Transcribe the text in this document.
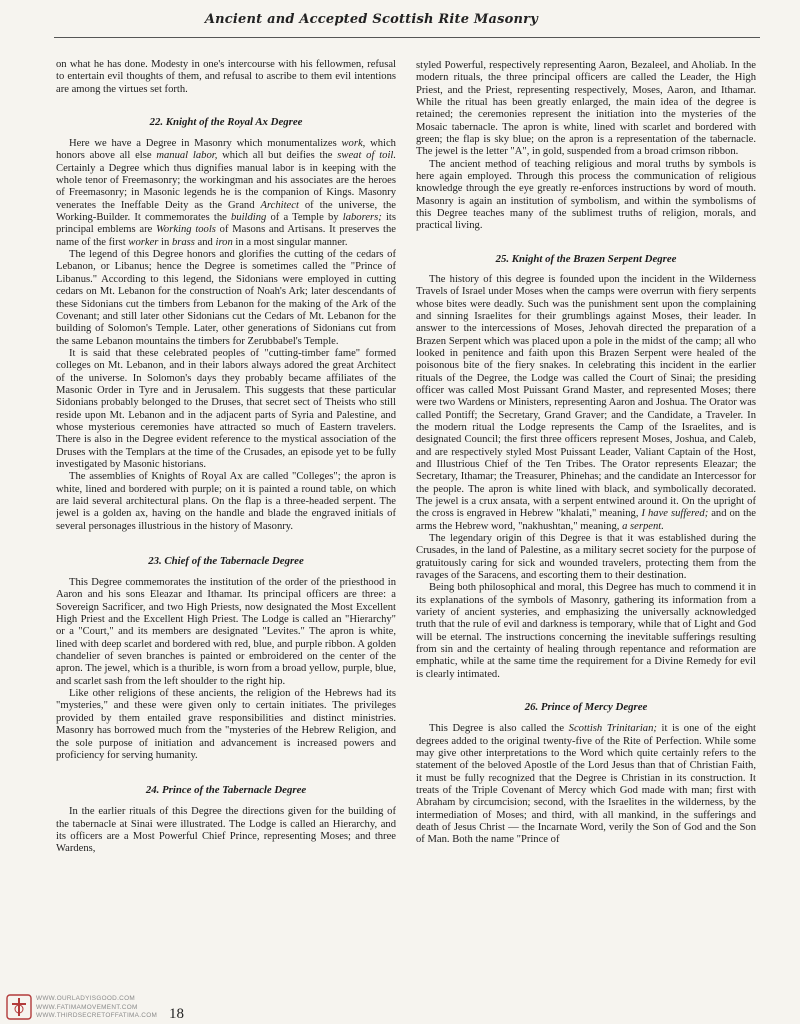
Ancient and Accepted Scottish Rite Masonry

on what he has done. Modesty in one's intercourse with his fellowmen, refusal to entertain evil thoughts of them, and refusal to ascribe to them evil intentions are among the virtues set forth.

22. Knight of the Royal Ax Degree

Here we have a Degree in Masonry which monumentalizes work, which honors above all else manual labor, which all but deifies the sweat of toil. Certainly a Degree which thus dignifies manual labor is in keeping with the whole tenor of Freemasonry; the workingman and his associates are the heroes of Freemasonry; in Masonic legends he is the companion of Kings. Masonry venerates the Ineffable Deity as the Grand Architect of the universe, the Working-Builder. It commemorates the building of a Temple by laborers; its principal emblems are Working tools of Masons and Artisans. It preserves the name of the first worker in brass and iron in a most singular manner.

The legend of this Degree honors and glorifies the cutting of the cedars of Lebanon, or Libanus; hence the Degree is sometimes called the "Prince of Libanus." According to this legend, the Sidonians were employed in cutting cedars on Mt. Lebanon for the construction of Noah's Ark; later descendants of these Sidonians cut the timbers from Lebanon for the making of the Ark of the Covenant; and still later other Sidonians cut the Cedars of Mt. Lebanon for the building of Solomon's Temple. Later, other generations of Sidonians cut from the same Lebanon mountains the timbers for Zerubbabel's Temple.

It is said that these celebrated peoples of "cutting-timber fame" formed colleges on Mt. Lebanon, and in their labors always adored the great Architect of the universe. In Solomon's days they probably became affiliates of the Masonic Order in Tyre and in Jerusalem. This suggests that these particular Sidonians probably belonged to the Druses, that secret sect of Theists who still reside upon Mt. Lebanon and in the adjacent parts of Syria and Palestine, and whose mysterious ceremonies have attracted so much of Eastern travelers. There is also in the Degree evident reference to the mystical association of the Druses with the Templars at the time of the Crusades, an episode yet to be fully investigated by Masonic historians.

The assemblies of Knights of Royal Ax are called "Colleges"; the apron is white, lined and bordered with purple; on it is painted a round table, on which are laid several architectural plans. On the flap is a three-headed serpent. The jewel is a golden ax, having on the handle and blade the engraved initials of several personages illustrious in the history of Masonry.

23. Chief of the Tabernacle Degree

This Degree commemorates the institution of the order of the priesthood in Aaron and his sons Eleazar and Ithamar. Its principal officers are three: a Sovereign Sacrificer, and two High Priests, now designated the Most Excellent High Priest and the Excellent High Priest. The Lodge is called an "Hierarchy" or a "Court," and its members are designated "Levites." The apron is white, lined with deep scarlet and bordered with red, blue, and purple ribbon. A golden chandelier of seven branches is painted or embroidered on the center of the apron. The jewel, which is a thurible, is worn from a broad yellow, purple, blue, and scarlet sash from the left shoulder to the right hip.

Like other religions of these ancients, the religion of the Hebrews had its "mysteries," and these were given only to certain initiates. The privileges provided by them entailed grave responsibilities and distinct ministries. Masonry has borrowed much from the "mysteries of the Hebrew Religion, and the sole purpose of initiation and advancement is increased powers and proficiency for serving humanity.

24. Prince of the Tabernacle Degree

In the earlier rituals of this Degree the directions given for the building of the tabernacle at Sinai were illustrated. The Lodge is called an Hierarchy, and its officers are a Most Powerful Chief Prince, representing Moses; and three Wardens,

styled Powerful, respectively representing Aaron, Bezaleel, and Aholiab. In the modern rituals, the three principal officers are called the Leader, the High Priest, and the Priest, representing respectively, Moses, Aaron, and Ithamar. While the ritual has been greatly enlarged, the main idea of the degree is retained; the ceremonies represent the initiation into the mysteries of the Mosaic tabernacle. The apron is white, lined with scarlet and bordered with green; the flap is sky blue; on the apron is a representation of the tabernacle. The jewel is the letter "A", in gold, suspended from a broad crimson ribbon.

The ancient method of teaching religious and moral truths by symbols is here again employed. Through this process the communication of religious knowledge through the eye greatly re-enforces instructions by word of mouth. Masonry is again an institution of symbolism, and within the symbolisms of this Degree teaches many of the sublimest truths of religion, morals, and practical living.

25. Knight of the Brazen Serpent Degree

The history of this degree is founded upon the incident in the Wilderness Travels of Israel under Moses when the camps were overrun with fiery serpents whose bites were deadly. Such was the punishment sent upon the complaining and sinning Israelites for their grumblings against Moses, their leader. In answer to the intercessions of Moses, Jehovah directed the preparation of a Brazen Serpent which was placed upon a pole in the midst of the camp; all who looked in penitence and faith upon this Brazen Serpent were healed of the poisonous bite of the fiery snakes. In celebrating this incident in the earlier rituals of the Degree, the Lodge was called the Court of Sinai; the presiding officer was called Most Puissant Grand Master, and represented Moses; there were two Wardens or Ministers, representing Aaron and Joshua. The Orator was called Pontiff; the Secretary, Grand Graver; and the Candidate, a Traveler. In the modern ritual the Lodge represents the Camp of the Israelites, and is designated Council; the first three officers represent Moses, Joshua, and Caleb, and are respectively styled Most Puissant Leader, Valiant Captain of the Host, and Illustrious Chief of the Ten Tribes. The Orator represents Eleazar; the Secretary, Ithamar; the Treasurer, Phinehas; and the candidate an Intercessor for the people. The apron is white lined with black, and symbolically decorated. The jewel is a crux ansata, with a serpent entwined around it. On the upright of the cross is engraved in Hebrew "khalati," meaning, I have suffered; and on the arms the Hebrew word, "nakhushtan," meaning, a serpent.

The legendary origin of this Degree is that it was established during the Crusades, in the land of Palestine, as a military secret society for the purpose of gratuitously caring for sick and wounded travelers, protecting them from the ravages of the Saracens, and escorting them to their destination.

Being both philosophical and moral, this Degree has much to commend it in its explanations of the symbols of Masonry, gathering its information from a variety of ancient systeries, and emphasizing the universally acknowledged truth that the rule of evil and darkness is temporary, while that of Light and God will be eternal. The instructions concerning the inevitable sufferings resulting from sin and the certainty of healing through repentance and reformation are emphatic, while at the same time the requirement for a Divine Remedy for evil is clearly intimated.

26. Prince of Mercy Degree

This Degree is also called the Scottish Trinitarian; it is one of the eight degrees added to the original twenty-five of the Rite of Perfection. While some may give other interpretations to the Word which quite certainly refers to the statement of the beloved Apostle of the Lord Jesus than that of Christian Faith, it must be fully recognized that the Degree is Christian in its construction. It treats of the Triple Covenant of Mercy which God made with man; first with Abraham by circumcision; second, with the Israelites in the wilderness, by the intermediation of Moses; and third, with all mankind, in the sufferings and death of Jesus Christ — the Incarnate Word, verily the Son of God and the Son of Man. Both the name "Prince of

18
WWW.OURLADYISGOOD.COM
WWW.FATIMAMOVEMENT.COM
WWW.THIRDSECRETOFFATIMA.COM
